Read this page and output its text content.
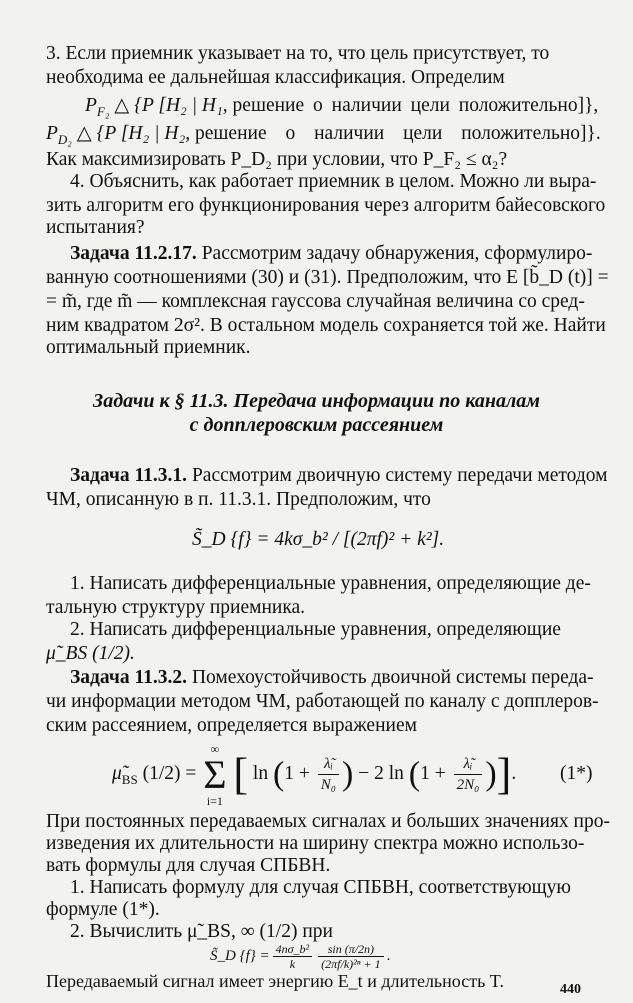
3. Если приемник указывает на то, что цель присутствует, то
необходима ее дальнейшая классификация. Определим
$P_{F_2}$ △ {P [H₂ | H₁, решение о наличии цели положительно]},
$P_{D_2}$ △ {P [H₂ | H₂, решение о наличии цели положительно]}.
Как максимизировать P_D₂ при условии, что P_F₂ ≤ α₂?
4. Объяснить, как работает приемник в целом. Можно ли выра-
зить алгоритм его функционирования через алгоритм байесовского
испытания?
Задача 11.2.17. Рассмотрим задачу обнаружения, сформулиро-
ванную соотношениями (30) и (31). Предположим, что E [b̃_D (t)] =
= m̃, где m̃ — комплексная гауссова случайная величина со сред-
ним квадратом 2σ². В остальном модель сохраняется той же. Найти
оптимальный приемник.
Задачи к § 11.3. Передача информации по каналам
с допплеровским рассеянием
Задача 11.3.1. Рассмотрим двоичную систему передачи методом
ЧМ, описанную в п. 11.3.1. Предположим, что
S̃_D {f} = 4kσ_b² / [(2πf)² + k²].
1. Написать дифференциальные уравнения, определяющие де-
тальную структуру приемника.
2. Написать дифференциальные уравнения, определяющие
μ̃_BS (1/2).
Задача 11.3.2. Помехоустойчивость двоичной системы переда-
чи информации методом ЧМ, работающей по каналу с допплеров-
ским рассеянием, определяется выражением
$\mũ_{BS}$ (1/2) =
∞
Σ
i=1
[ $\ln (1 + \frac{\text{λ̃ᵢ}}{\text{N₀}}$ ) − 2 $\ln (1 + \frac{\text{λ̃ᵢ}}{\text{2N₀}}$ )]. (1*)
При постоянных передаваемых сигналах и больших значениях про-
изведения их длительности на ширину спектра можно использо-
вать формулы для случая СПБВН.
1. Написать формулу для случая СПБВН, соответствующую
формуле (1*).
440
2. Вычислить μ̃_BS, ∞ (1/2) при
S̃_D $\{f\} = \frac{\text{4nσ\_b²}}{k} \frac{\sin (\pi/2n)}{\text{(2πf/k)²ⁿ + 1}}$ .
Передаваемый сигнал имеет энергию E_t и длительность T.
